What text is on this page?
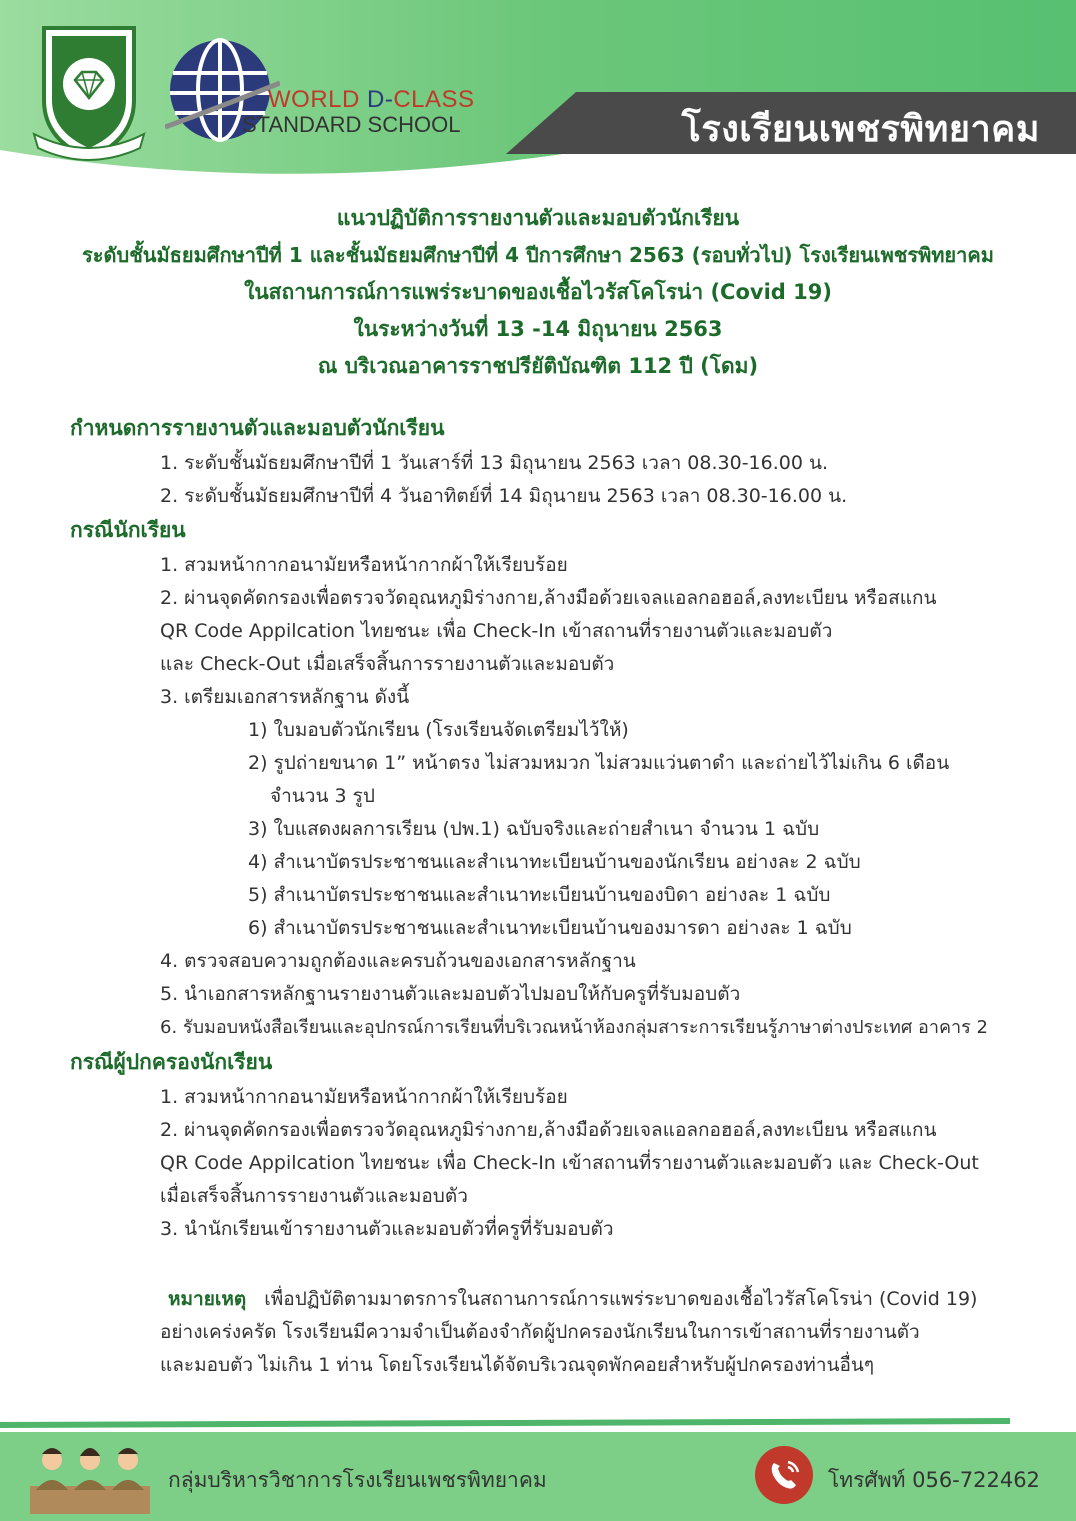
WORLD D-CLASS
STANDARD SCHOOL	โรงเรียนเพชรพิทยาคม
แนวปฏิบัติการรายงานตัวและมอบตัวนักเรียน
ระดับชั้นมัธยมศึกษาปีที่ 1 และชั้นมัธยมศึกษาปีที่ 4 ปีการศึกษา 2563 (รอบทั่วไป) โรงเรียนเพชรพิทยาคม
ในสถานการณ์การแพร่ระบาดของเชื้อไวรัสโคโรน่า (Covid 19)
ในระหว่างวันที่ 13 -14 มิถุนายน 2563
ณ บริเวณอาคารราชปรียัติบัณฑิต 112 ปี (โดม)
กำหนดการรายงานตัวและมอบตัวนักเรียน
1. ระดับชั้นมัธยมศึกษาปีที่ 1 วันเสาร์ที่ 13 มิถุนายน 2563 เวลา 08.30-16.00 น.
2. ระดับชั้นมัธยมศึกษาปีที่ 4 วันอาทิตย์ที่ 14 มิถุนายน 2563 เวลา 08.30-16.00 น.
กรณีนักเรียน
1. สวมหน้ากากอนามัยหรือหน้ากากผ้าให้เรียบร้อย
2. ผ่านจุดคัดกรองเพื่อตรวจวัดอุณหภูมิร่างกาย,ล้างมือด้วยเจลแอลกอฮอล์,ลงทะเบียน หรือสแกน
QR Code Appilcation ไทยชนะ เพื่อ Check-In เข้าสถานที่รายงานตัวและมอบตัว
และ Check-Out เมื่อเสร็จสิ้นการรายงานตัวและมอบตัว
3. เตรียมเอกสารหลักฐาน ดังนี้
1) ใบมอบตัวนักเรียน (โรงเรียนจัดเตรียมไว้ให้)
2) รูปถ่ายขนาด 1” หน้าตรง ไม่สวมหมวก ไม่สวมแว่นตาดำ และถ่ายไว้ไม่เกิน 6 เดือน
จำนวน 3 รูป
3) ใบแสดงผลการเรียน (ปพ.1) ฉบับจริงและถ่ายสำเนา จำนวน 1 ฉบับ
4) สำเนาบัตรประชาชนและสำเนาทะเบียนบ้านของนักเรียน อย่างละ 2 ฉบับ
5) สำเนาบัตรประชาชนและสำเนาทะเบียนบ้านของบิดา อย่างละ 1 ฉบับ
6) สำเนาบัตรประชาชนและสำเนาทะเบียนบ้านของมารดา อย่างละ 1 ฉบับ
4. ตรวจสอบความถูกต้องและครบถ้วนของเอกสารหลักฐาน
5. นำเอกสารหลักฐานรายงานตัวและมอบตัวไปมอบให้กับครูที่รับมอบตัว
6. รับมอบหนังสือเรียนและอุปกรณ์การเรียนที่บริเวณหน้าห้องกลุ่มสาระการเรียนรู้ภาษาต่างประเทศ อาคาร 2
กรณีผู้ปกครองนักเรียน
1. สวมหน้ากากอนามัยหรือหน้ากากผ้าให้เรียบร้อย
2. ผ่านจุดคัดกรองเพื่อตรวจวัดอุณหภูมิร่างกาย,ล้างมือด้วยเจลแอลกอฮอล์,ลงทะเบียน หรือสแกน
QR Code Appilcation ไทยชนะ เพื่อ Check-In เข้าสถานที่รายงานตัวและมอบตัว และ Check-Out
เมื่อเสร็จสิ้นการรายงานตัวและมอบตัว
3. นำนักเรียนเข้ารายงานตัวและมอบตัวที่ครูที่รับมอบตัว
หมายเหตุ เพื่อปฏิบัติตามมาตรการในสถานการณ์การแพร่ระบาดของเชื้อไวรัสโคโรน่า (Covid 19)
อย่างเคร่งครัด โรงเรียนมีความจำเป็นต้องจำกัดผู้ปกครองนักเรียนในการเข้าสถานที่รายงานตัว
และมอบตัว ไม่เกิน 1 ท่าน โดยโรงเรียนได้จัดบริเวณจุดพักคอยสำหรับผู้ปกครองท่านอื่นๆ
กลุ่มบริหารวิชาการโรงเรียนเพชรพิทยาคม	โทรศัพท์ 056-722462
